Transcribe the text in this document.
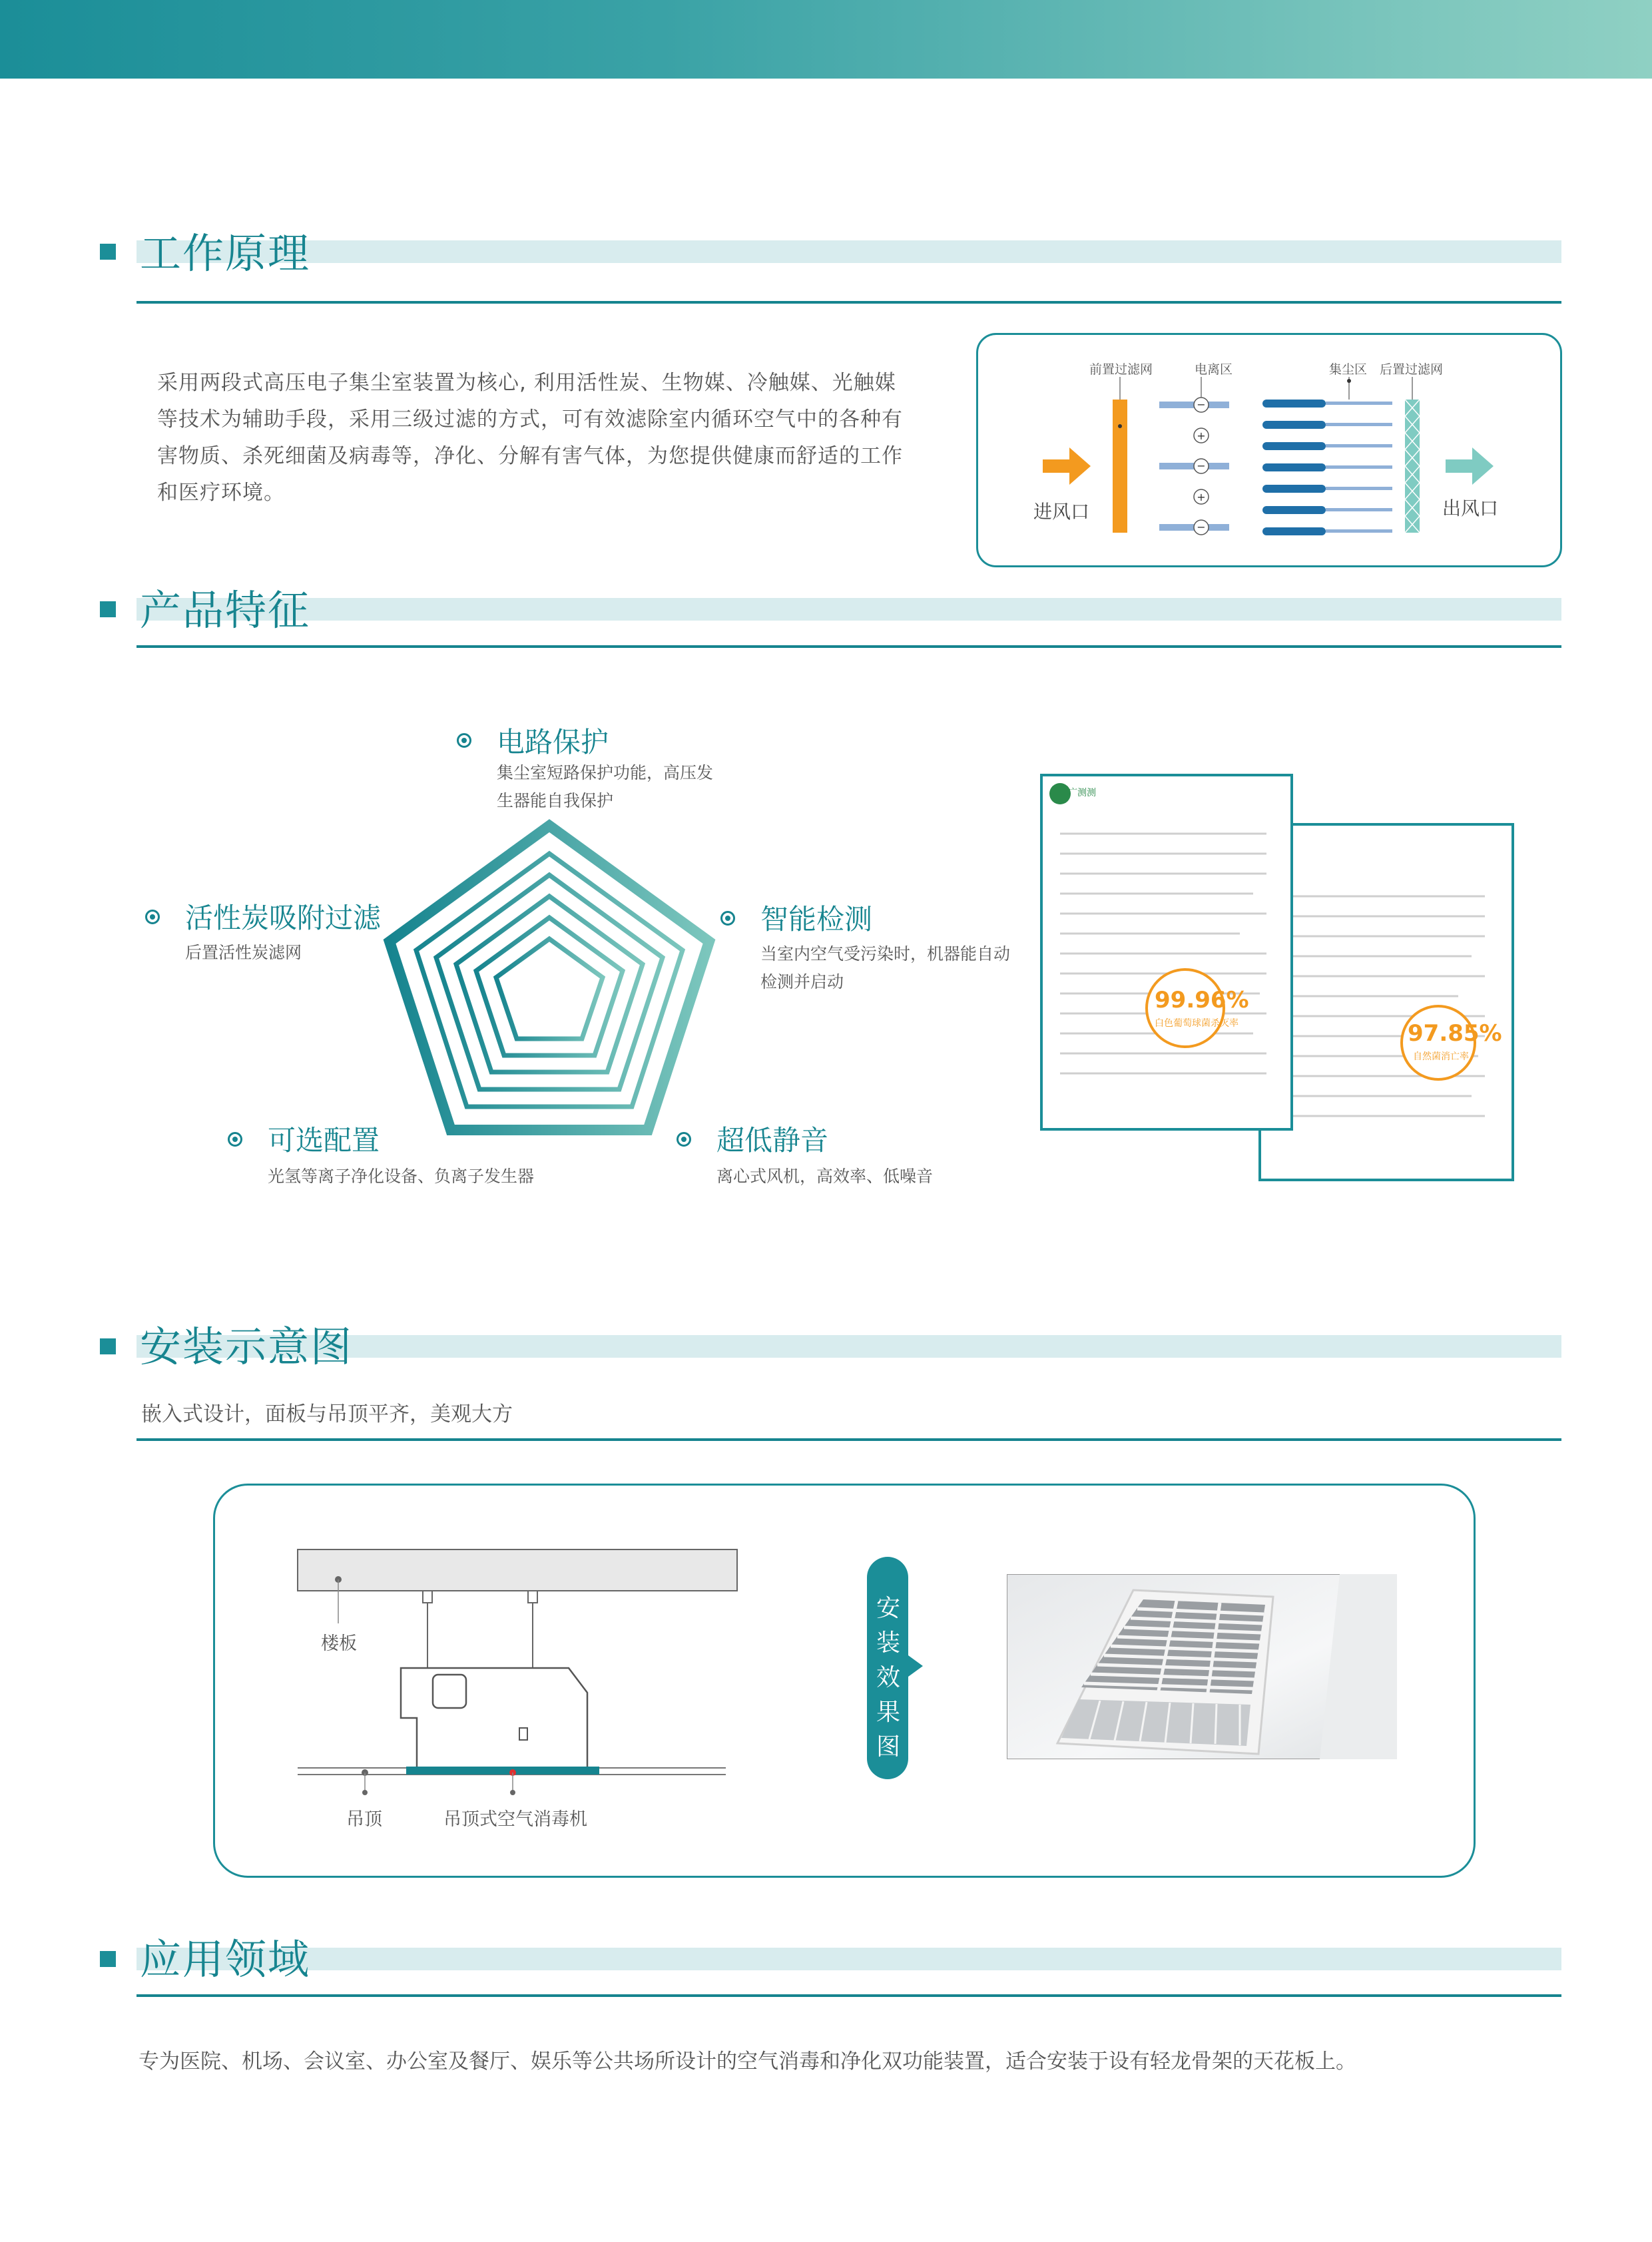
工作原理
采用两段式高压电子集尘室装置为核心, 利用活性炭、生物媒、冷触媒、光触媒等技术为辅助手段，采用三级过滤的方式，可有效滤除室内循环空气中的各种有害物质、杀死细菌及病毒等，净化、分解有害气体，为您提供健康而舒适的工作和医疗环境。
−
−
−
+
+
前置过滤网	电离区	集尘区 后置过滤网
进风口	出风口
产品特征
电路保护
集尘室短路保护功能，高压发生器能自我保护
智能检测
当室内空气受污染时，机器能自动检测并启动
超低静音
离心式风机，高效率、低噪音
可选配置
光氢等离子净化设备、负离子发生器
活性炭吸附过滤
后置活性炭滤网
97.85%
自然菌消亡率
广测测
99.96%
白色葡萄球菌杀灭率
安装示意图
嵌入式设计，面板与吊顶平齐，美观大方
楼板
吊顶	吊顶式空气消毒机
安装效果图
应用领域
专为医院、机场、会议室、办公室及餐厅、娱乐等公共场所设计的空气消毒和净化双功能装置，适合安装于设有轻龙骨架的天花板上。
